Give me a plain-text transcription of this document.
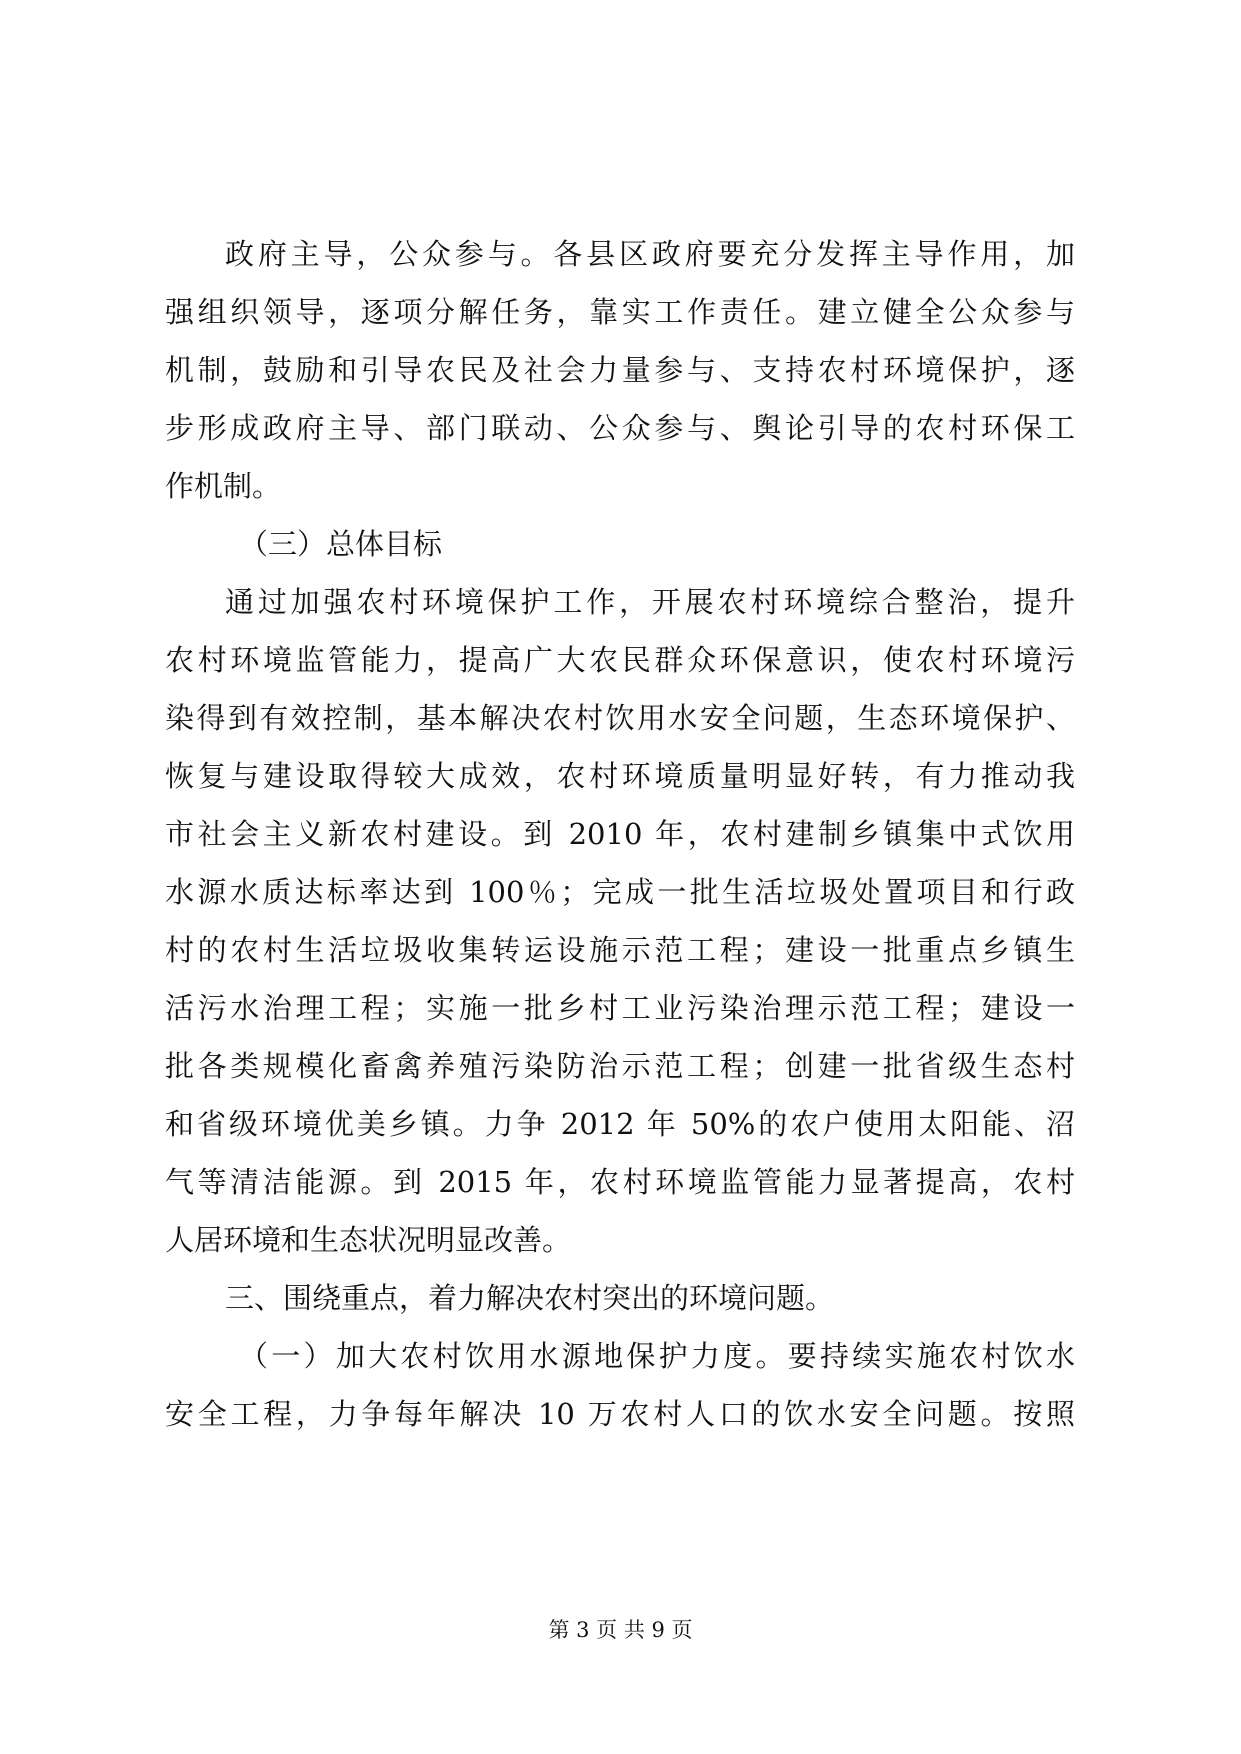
政府主导，公众参与。各县区政府要充分发挥主导作用，加
强组织领导，逐项分解任务，靠实工作责任。建立健全公众参与
机制，鼓励和引导农民及社会力量参与、支持农村环境保护，逐
步形成政府主导、部门联动、公众参与、舆论引导的农村环保工
作机制。
（三）总体目标
通过加强农村环境保护工作，开展农村环境综合整治，提升
农村环境监管能力，提高广大农民群众环保意识，使农村环境污
染得到有效控制，基本解决农村饮用水安全问题，生态环境保护、
恢复与建设取得较大成效，农村环境质量明显好转，有力推动我
市社会主义新农村建设。到 2010 年，农村建制乡镇集中式饮用
水源水质达标率达到 100％；完成一批生活垃圾处置项目和行政
村的农村生活垃圾收集转运设施示范工程；建设一批重点乡镇生
活污水治理工程；实施一批乡村工业污染治理示范工程；建设一
批各类规模化畜禽养殖污染防治示范工程；创建一批省级生态村
和省级环境优美乡镇。力争 2012 年 50%的农户使用太阳能、沼
气等清洁能源。到 2015 年，农村环境监管能力显著提高，农村
人居环境和生态状况明显改善。
三、围绕重点，着力解决农村突出的环境问题。
（一）加大农村饮用水源地保护力度。要持续实施农村饮水
安全工程，力争每年解决 10 万农村人口的饮水安全问题。按照
第 3 页 共 9 页
